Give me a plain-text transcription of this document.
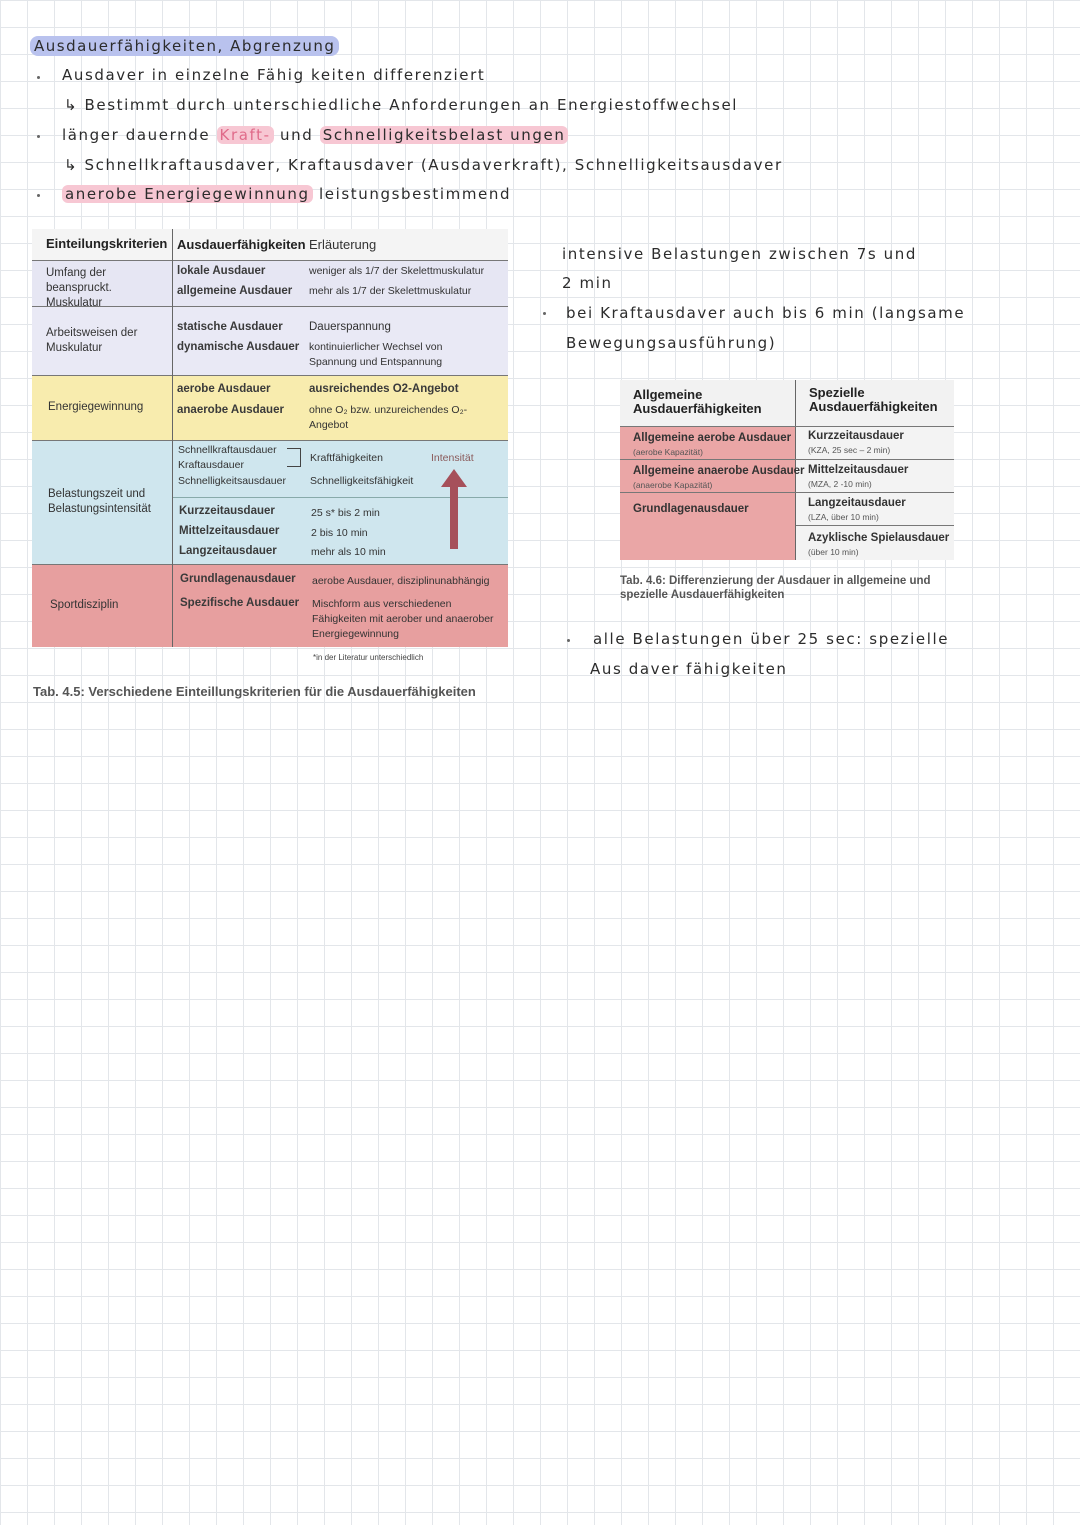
Ausdauerfähigkeiten, Abgrenzung
Ausdaver in einzelne Fähig keiten differenziert
↳ Bestimmt durch unterschiedliche Anforderungen an Energiestoffwechsel
länger dauernde Kraft- und Schnelligkeitsbelast ungen
↳ Schnellkraftausdaver, Kraftausdaver (Ausdaverkraft), Schnelligkeitsausdaver
anerobe Energiegewinnung leistungsbestimmend
intensive Belastungen zwischen 7s und
2 min
bei Kraftausdaver auch bis 6 min (langsame
Bewegungsausführung)
alle Belastungen über 25 sec: spezielle
Aus daver fähigkeiten
Einteilungskriterien Ausdauerfähigkeiten Erläuterung
Umfang der beanspruckt. Muskulatur
lokale Ausdauer
allgemeine Ausdauer
weniger als 1/7 der Skelettmuskulatur
mehr als 1/7 der Skelettmuskulatur
Arbeitsweisen der Muskulatur
statische Ausdauer
dynamische Ausdauer
Dauerspannung
kontinuierlicher Wechsel von Spannung und Entspannung
Energiegewinnung
aerobe Ausdauer
anaerobe Ausdauer
ausreichendes O2-Angebot
ohne O₂ bzw. unzureichendes O₂-Angebot
Belastungszeit und Belastungsintensität
Schnellkraftausdauer
Kraftausdauer
Schnelligkeitsausdauer
Kraftfähigkeiten
Schnelligkeitsfähigkeit
Intensität
Kurzzeitausdauer
Mittelzeitausdauer
Langzeitausdauer
25 s* bis 2 min
2 bis 10 min
mehr als 10 min
Sportdisziplin
Grundlagenausdauer
Spezifische Ausdauer
aerobe Ausdauer, disziplinunabhängig
Mischform aus verschiedenen Fähigkeiten mit aerober und anaerober Energiegewinnung
*in der Literatur unterschiedlich
Tab. 4.5: Verschiedene Einteillungskriterien für die Ausdauerfähigkeiten
Allgemeine Ausdauerfähigkeiten
Spezielle Ausdauerfähigkeiten
Allgemeine aerobe Ausdauer
(aerobe Kapazität)
Allgemeine anaerobe Ausdauer
(anaerobe Kapazität)
Grundlagenausdauer
Kurzzeitausdauer
(KZA, 25 sec – 2 min)
Mittelzeitausdauer
(MZA, 2 -10 min)
Langzeitausdauer
(LZA, über 10 min)
Azyklische Spielausdauer
(über 10 min)
Tab. 4.6: Differenzierung der Ausdauer in allgemeine und spezielle Ausdauerfähigkeiten
